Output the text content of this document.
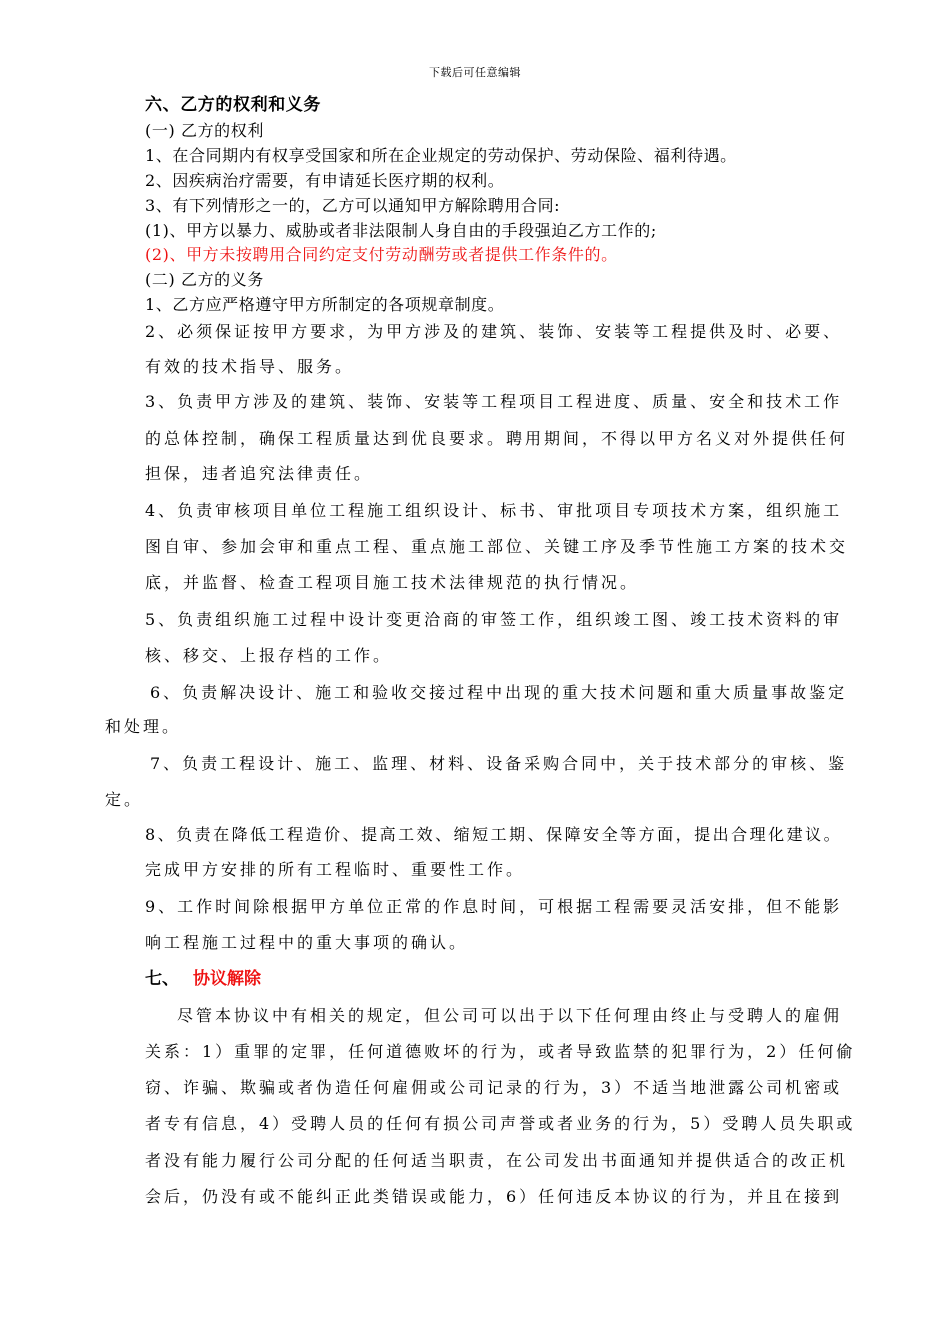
下载后可任意编辑
六、乙方的权利和义务
(一) 乙方的权利
1、在合同期内有权享受国家和所在企业规定的劳动保护、劳动保险、福利待遇。
2、因疾病治疗需要，有申请延长医疗期的权利。
3、有下列情形之一的，乙方可以通知甲方解除聘用合同:
(1)、甲方以暴力、威胁或者非法限制人身自由的手段强迫乙方工作的;
(2)、甲方未按聘用合同约定支付劳动酬劳或者提供工作条件的。
(二) 乙方的义务
1、乙方应严格遵守甲方所制定的各项规章制度。
2、必须保证按甲方要求，为甲方涉及的建筑、装饰、安装等工程提供及时、必要、
有效的技术指导、服务。
3、负责甲方涉及的建筑、装饰、安装等工程项目工程进度、质量、安全和技术工作
的总体控制，确保工程质量达到优良要求。聘用期间，不得以甲方名义对外提供任何
担保，违者追究法律责任。
4、负责审核项目单位工程施工组织设计、标书、审批项目专项技术方案，组织施工
图自审、参加会审和重点工程、重点施工部位、关键工序及季节性施工方案的技术交
底，并监督、检查工程项目施工技术法律规范的执行情况。
5、负责组织施工过程中设计变更洽商的审签工作，组织竣工图、竣工技术资料的审
核、移交、上报存档的工作。
6、负责解决设计、施工和验收交接过程中出现的重大技术问题和重大质量事故鉴定
和处理。
7、负责工程设计、施工、监理、材料、设备采购合同中，关于技术部分的审核、鉴
定。
8、负责在降低工程造价、提高工效、缩短工期、保障安全等方面，提出合理化建议。
完成甲方安排的所有工程临时、重要性工作。
9、工作时间除根据甲方单位正常的作息时间，可根据工程需要灵活安排，但不能影
响工程施工过程中的重大事项的确认。
七、 协议解除
尽管本协议中有相关的规定，但公司可以出于以下任何理由终止与受聘人的雇佣
关系：1）重罪的定罪，任何道德败坏的行为，或者导致监禁的犯罪行为，2）任何偷
窃、诈骗、欺骗或者伪造任何雇佣或公司记录的行为，3）不适当地泄露公司机密或
者专有信息，4）受聘人员的任何有损公司声誉或者业务的行为，5）受聘人员失职或
者没有能力履行公司分配的任何适当职责，在公司发出书面通知并提供适合的改正机
会后，仍没有或不能纠正此类错误或能力，6）任何违反本协议的行为，并且在接到
